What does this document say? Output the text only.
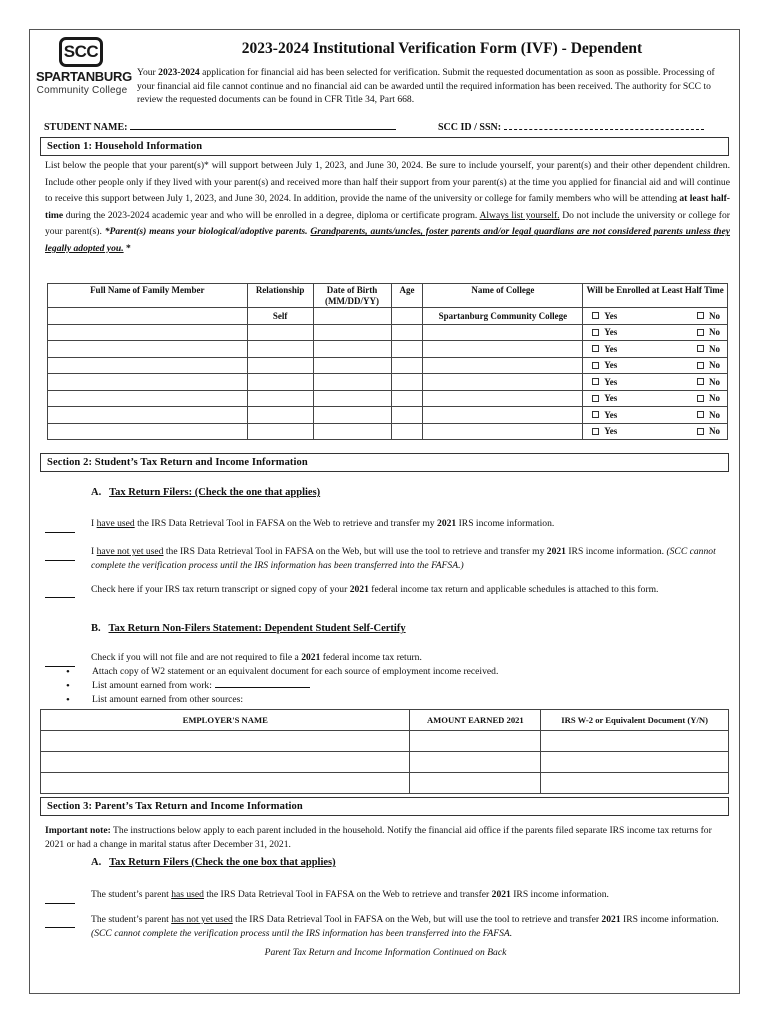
SCC
SPARTANBURG
Community College
2023-2024 Institutional Verification Form (IVF) - Dependent
Your 2023-2024 application for financial aid has been selected for verification. Submit the requested documentation as soon as possible. Processing of your financial aid file cannot continue and no financial aid can be awarded until the required information has been received. The authority for SCC to review the requested documents can be found in CFR Title 34, Part 668.
STUDENT NAME:	SCC ID / SSN:
Section 1: Household Information
List below the people that your parent(s)* will support between July 1, 2023, and June 30, 2024. Be sure to include yourself, your parent(s) and their other dependent children. Include other people only if they lived with your parent(s) and received more than half their support from your parent(s) at the time you applied for financial aid and will continue to receive this support between July 1, 2023, and June 30, 2024. In addition, provide the name of the university or college for family members who will be attending at least half-time during the 2023-2024 academic year and who will be enrolled in a degree, diploma or certificate program. Always list yourself. Do not include the university or college for your parent(s). *Parent(s) means your biological/adoptive parents. Grandparents, aunts/uncles, foster parents and/or legal guardians are not considered parents unless they legally adopted you. *
Full Name of Family Member	Relationship	Date of Birth (MM/DD/YY)	Age	Name of College	Will be Enrolled at Least Half Time
	Self			Spartanburg Community College	Yes No

					Yes No

					Yes No

					Yes No

					Yes No

					Yes No

					Yes No

					Yes No
Section 2: Student’s Tax Return and Income Information
A. Tax Return Filers: (Check the one that applies)
I have used the IRS Data Retrieval Tool in FAFSA on the Web to retrieve and transfer my 2021 IRS income information.
I have not yet used the IRS Data Retrieval Tool in FAFSA on the Web, but will use the tool to retrieve and transfer my 2021 IRS income information. (SCC cannot complete the verification process until the IRS information has been transferred into the FAFSA.)
Check here if your IRS tax return transcript or signed copy of your 2021 federal income tax return and applicable schedules is attached to this form.
B. Tax Return Non-Filers Statement: Dependent Student Self-Certify
Check if you will not file and are not required to file a 2021 federal income tax return.
• Attach copy of W2 statement or an equivalent document for each source of employment income received.
• List amount earned from work:
• List amount earned from other sources:
EMPLOYER'S NAME	AMOUNT EARNED 2021	IRS W-2 or Equivalent Document (Y/N)

Section 3: Parent’s Tax Return and Income Information
Important note: The instructions below apply to each parent included in the household. Notify the financial aid office if the parents filed separate IRS income tax returns for 2021 or had a change in marital status after December 31, 2021.
A. Tax Return Filers (Check the one box that applies)
The student’s parent has used the IRS Data Retrieval Tool in FAFSA on the Web to retrieve and transfer 2021 IRS income information.
The student’s parent has not yet used the IRS Data Retrieval Tool in FAFSA on the Web, but will use the tool to retrieve and transfer 2021 IRS income information. (SCC cannot complete the verification process until the IRS information has been transferred into the FAFSA.
Parent Tax Return and Income Information Continued on Back
